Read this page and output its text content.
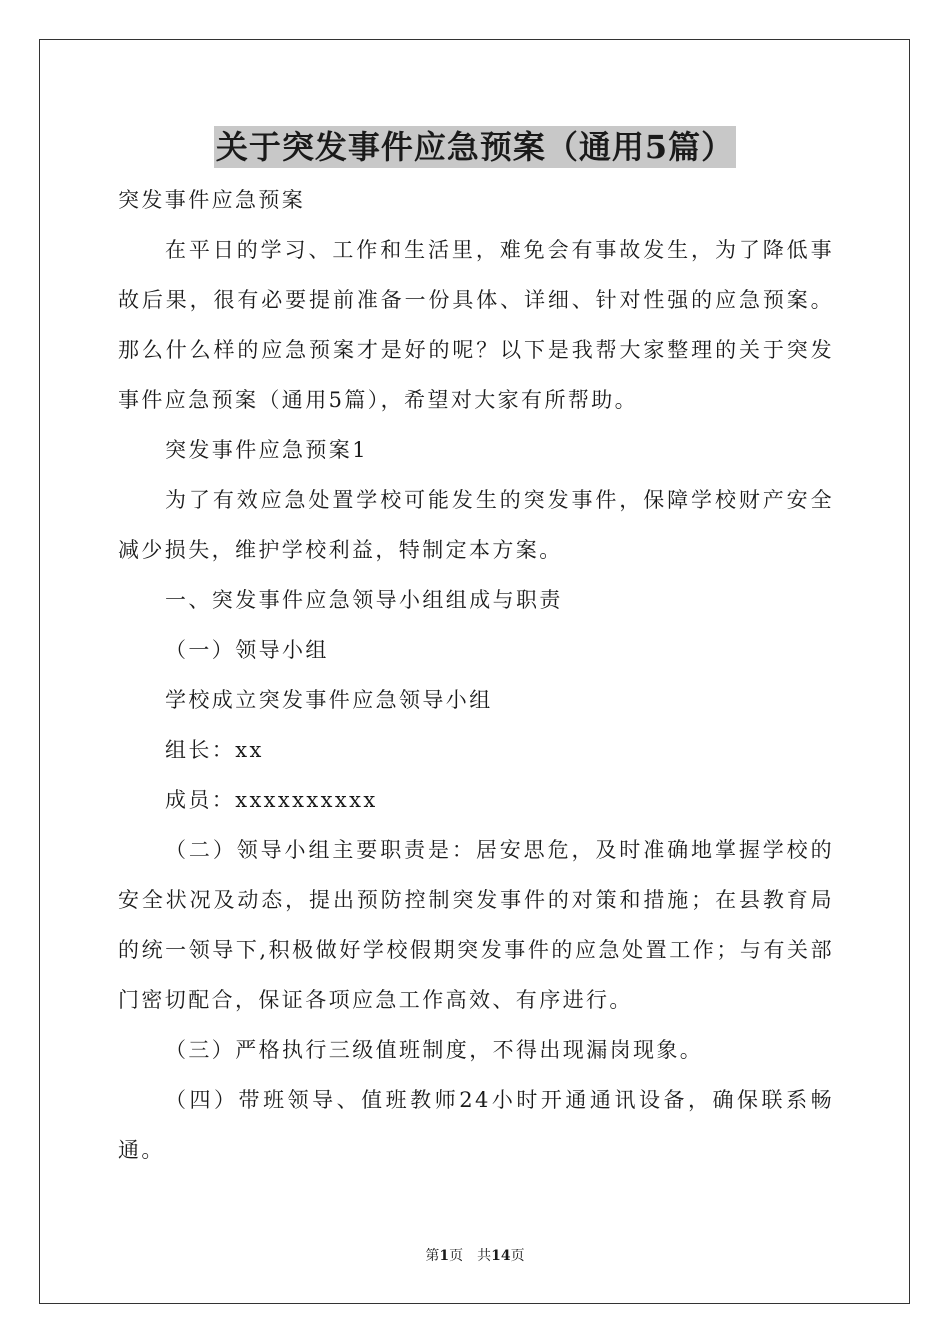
关于突发事件应急预案（通用5篇）

突发事件应急预案

在平日的学习、工作和生活里，难免会有事故发生，为了降低事故后果，很有必要提前准备一份具体、详细、针对性强的应急预案。那么什么样的应急预案才是好的呢？以下是我帮大家整理的关于突发事件应急预案（通用5篇），希望对大家有所帮助。

突发事件应急预案1

为了有效应急处置学校可能发生的突发事件，保障学校财产安全减少损失，维护学校利益，特制定本方案。

一、突发事件应急领导小组组成与职责

（一）领导小组

学校成立突发事件应急领导小组

组长：xx

成员：xxxxxxxxxx

（二）领导小组主要职责是：居安思危，及时准确地掌握学校的安全状况及动态，提出预防控制突发事件的对策和措施；在县教育局的统一领导下,积极做好学校假期突发事件的应急处置工作；与有关部门密切配合，保证各项应急工作高效、有序进行。

（三）严格执行三级值班制度，不得出现漏岗现象。

（四）带班领导、值班教师24小时开通通讯设备，确保联系畅通。

第1页　共14页
